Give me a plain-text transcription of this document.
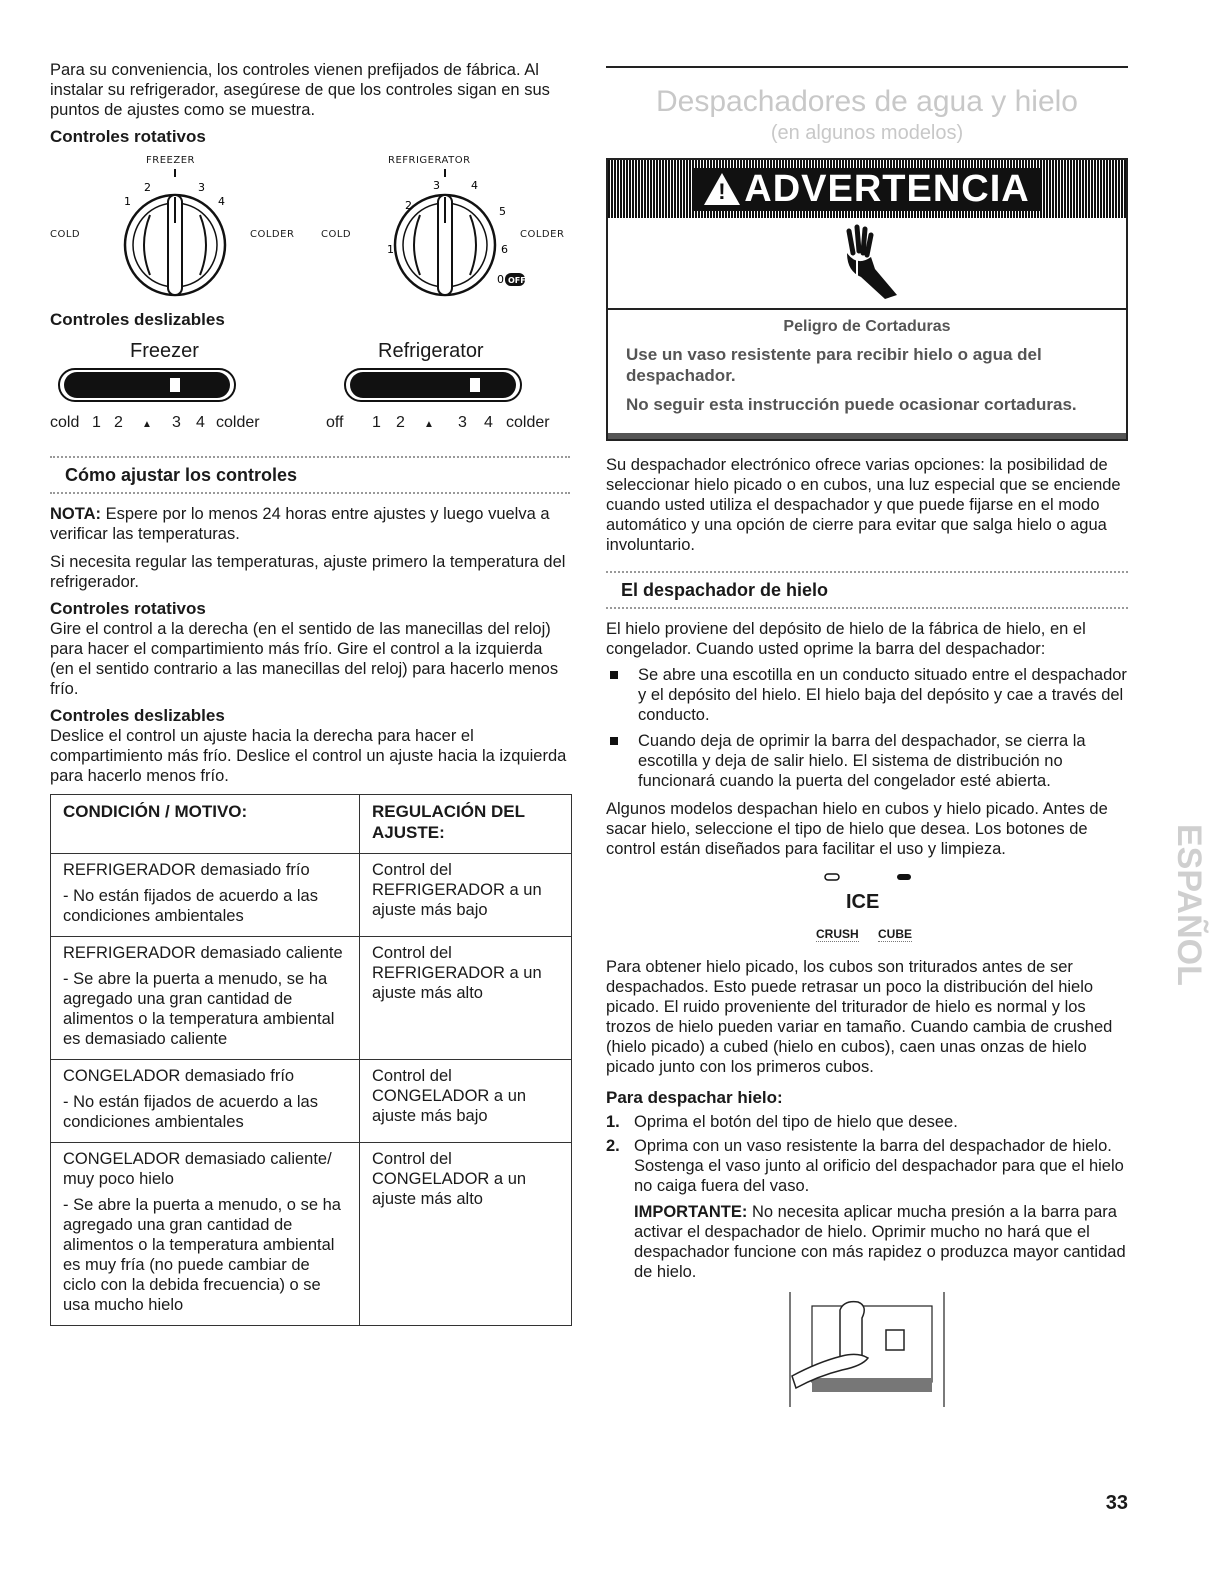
Para su conveniencia, los controles vienen prefijados de fábrica. Al instalar su refrigerador, asegúrese de que los controles sigan en sus puntos de ajustes como se muestra.

Controles rotativos
FREEZER	REFRIGERATOR
COLD	COLDER	COLD	COLDER
1
2	3
4
1
2
3	4
5
6
0 OFF
Controles deslizables
Freezer	Refrigerator
cold 1 2 ▲ 3 4 colder	off 1 2 ▲ 3 4 colder
Cómo ajustar los controles

NOTA: Espere por lo menos 24 horas entre ajustes y luego vuelva a verificar las temperaturas.

Si necesita regular las temperaturas, ajuste primero la temperatura del refrigerador.

Controles rotativos

Gire el control a la derecha (en el sentido de las manecillas del reloj) para hacer el compartimiento más frío. Gire el control a la izquierda (en el sentido contrario a las manecillas del reloj) para hacerlo menos frío.

Controles deslizables

Deslice el control un ajuste hacia la derecha para hacer el compartimiento más frío. Deslice el control un ajuste hacia la izquierda para hacerlo menos frío.

CONDICIÓN / MOTIVO:	REGULACIÓN DEL AJUSTE:

REFRIGERADOR demasiado frío

- No están fijados de acuerdo a las condiciones ambientales	Control del REFRIGERADOR a un ajuste más bajo

REFRIGERADOR demasiado caliente

- Se abre la puerta a menudo, se ha agregado una gran cantidad de alimentos o la temperatura ambiental es demasiado caliente	Control del REFRIGERADOR a un ajuste más alto

CONGELADOR demasiado frío

- No están fijados de acuerdo a las condiciones ambientales	Control del CONGELADOR a un ajuste más bajo

CONGELADOR demasiado caliente/ muy poco hielo

- Se abre la puerta a menudo, o se ha agregado una gran cantidad de alimentos o la temperatura ambiental es muy fría (no puede cambiar de ciclo con la debida frecuencia) o se usa mucho hielo	Control del CONGELADOR a un ajuste más alto
Despachadores de agua y hielo
(en algunos modelos)
! ADVERTENCIA
Peligro de Cortaduras

Use un vaso resistente para recibir hielo o agua del despachador.

No seguir esta instrucción puede ocasionar cortaduras.

Su despachador electrónico ofrece varias opciones: la posibilidad de seleccionar hielo picado o en cubos, una luz especial que se enciende cuando usted utiliza el despachador y que puede fijarse en el modo automático y una opción de cierre para evitar que salga hielo o agua involuntario.

El despachador de hielo

El hielo proviene del depósito de hielo de la fábrica de hielo, en el congelador. Cuando usted oprime la barra del despachador:

Se abre una escotilla en un conducto situado entre el despachador y el depósito del hielo. El hielo baja del depósito y cae a través del conducto.
Cuando deja de oprimir la barra del despachador, se cierra la escotilla y deja de salir hielo. El sistema de distribución no funcionará cuando la puerta del congelador esté abierta.

Algunos modelos despachan hielo en cubos y hielo picado. Antes de sacar hielo, seleccione el tipo de hielo que desea. Los botones de control están diseñados para facilitar el uso y limpieza.

ICE
CRUSH CUBE

Para obtener hielo picado, los cubos son triturados antes de ser despachados. Esto puede retrasar un poco la distribución del hielo picado. El ruido proveniente del triturador de hielo es normal y los trozos de hielo pueden variar en tamaño. Cuando cambia de crushed (hielo picado) a cubed (hielo en cubos), caen unas onzas de hielo picado junto con los primeros cubos.

Para despachar hielo:
1. Oprima el botón del tipo de hielo que desee.
2. Oprima con un vaso resistente la barra del despachador de hielo. Sostenga el vaso junto al orificio del despachador para que el hielo no caiga fuera del vaso.

IMPORTANTE: No necesita aplicar mucha presión a la barra para activar el despachador de hielo. Oprimir mucho no hará que el despachador funcione con más rapidez o produzca mayor cantidad de hielo.

ESPAÑOL
33
